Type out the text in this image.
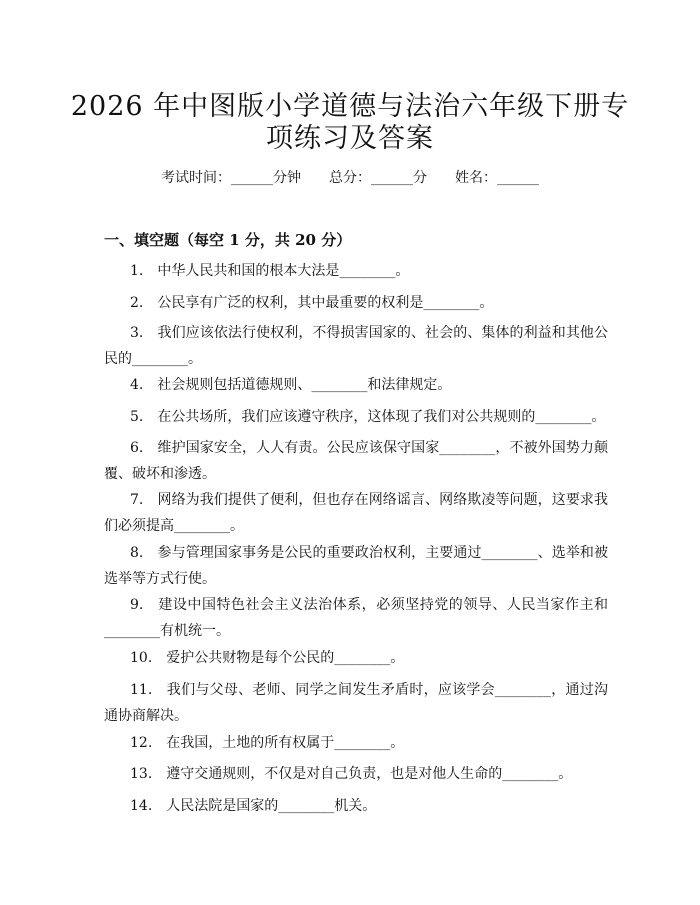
2026 年中图版小学道德与法治六年级下册专
项练习及答案
考试时间：______分钟 总分：______分 姓名：______
一、填空题（每空 1 分，共 20 分）
1.　中华人民共和国的根本大法是________。
2.　公民享有广泛的权利，其中最重要的权利是________。
3.　我们应该依法行使权利，不得损害国家的、社会的、集体的利益和其他公民的________。
4.　社会规则包括道德规则、________和法律规定。
5.　在公共场所，我们应该遵守秩序，这体现了我们对公共规则的________。
6.　维护国家安全，人人有责。公民应该保守国家________，不被外国势力颠覆、破坏和渗透。
7.　网络为我们提供了便利，但也存在网络谣言、网络欺凌等问题，这要求我们必须提高________。
8.　参与管理国家事务是公民的重要政治权利，主要通过________、选举和被选举等方式行使。
9.　建设中国特色社会主义法治体系，必须坚持党的领导、人民当家作主和________有机统一。
10.　爱护公共财物是每个公民的________。
11.　我们与父母、老师、同学之间发生矛盾时，应该学会________，通过沟通协商解决。
12.　在我国，土地的所有权属于________。
13.　遵守交通规则，不仅是对自己负责，也是对他人生命的________。
14.　人民法院是国家的________机关。
